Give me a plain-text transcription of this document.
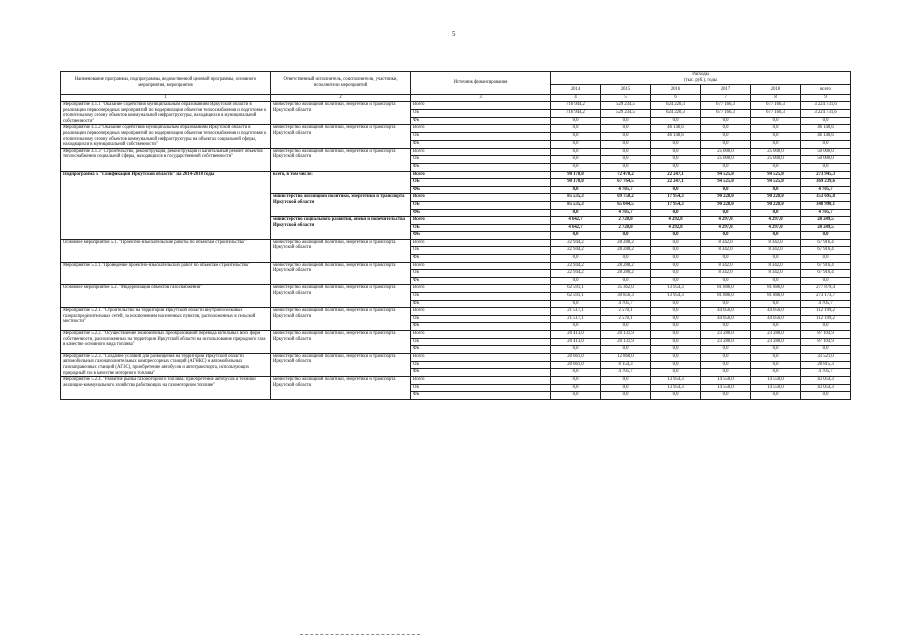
5
Наименование программы, подпрограммы, ведомственной целевой программы, основного мероприятия, мероприятия	Ответственный исполнитель, соисполнители, участники, исполнители мероприятий	Источник финансирования	Расходы
(тыс. руб.), годы					

			2014	2015	2016	2017	2018	всего
1	2	3	4	5	6	7	8	9
Мероприятие 4.1.1 "Оказание содействия муниципальным образованиям Иркутской области в реализации первоочередных мероприятий по модернизации объектов теплоснабжения и подготовке к отопительному сезону объектов коммунальной инфраструктуры, находящихся в муниципальной собственности"	министерство жилищной политики, энергетики и транспорта Иркутской области	Всего	716 944,2	529 234,5	624 220,3	677 166,3	677 166,3	3 224 731,6
		ОБ	716 944,2	529 234,5	624 220,3	677 166,3	677 166,3	3 224 731,6
		ФБ	0,0	0,0	0,0	0,0	0,0	0,0
Мероприятие 4.1.2"Оказание содействия муниципальным образованиям Иркутской области в реализации первоочередных мероприятий по модернизации объектов теплоснабжения и подготовке к отопительному сезону объектов коммунальной инфраструктуры на объектах социальной сферы, находящихся в муниципальной собственности"	министерство жилищной политики, энергетики и транспорта Иркутской области	Всего	0,0	0,0	46 140,6	0,0	0,0	46 140,6
		ОБ	0,0	0,0	46 140,6	0,0	0,0	46 140,6
		ФБ	0,0	0,0	0,0	0,0	0,0	0,0
Мероприятие 4.1.3" Строительство, реконструкция, реконструкция и капитальный ремонт объектов теплоснабжения социальной сферы, находящихся в государственной собственности"	министерство жилищной политики, энергетики и транспорта Иркутской области	Всего	0,0	0,0	0,0	25 000,0	25 000,0	50 000,0
		ОБ	0,0	0,0	0,0	25 000,0	25 000,0	50 000,0
		ФБ	0,0	0,0	0,0	0,0	0,0	0,0
Подпрограмма 5 "Газификация Иркутской области" на 2014-2018 годы	всего, в том числе:	Всего	90 178,0	72 470,2	22 247,1	94 525,0	94 525,0	273 945,3
		ОБ	90 178,0	67 764,5	22 247,1	94 525,0	94 525,0	369 239,6
		ФБ	0,0	4 705,7	0,0	0,0	0,0	4 705,7
	министерство жилищной политики, энергетики и транспорта Иркутской области	Всего	85 535,3	69 750,2	17 954,3	90 228,0	90 228,0	353 695,8
		ОБ	85 535,3	65 044,5	17 954,3	90 228,0	90 228,0	348 990,1
		ФБ	0,0	4 705,7	0,0	0,0	0,0	4 705,7
	министерство социального развития, опеки и попечительства Иркутской области	Всего	4 642,7	2 720,0	4 292,8	4 297,0	4 297,0	20 249,5
		ОБ	4 642,7	2 720,0	4 292,8	4 297,0	4 297,0	20 249,5
		ФБ	0,0	0,0	0,0	0,0	0,0	0,0
Основное мероприятие 5.1. "Проектно-изыскательские работы по объектам строительства"	министерство жилищной политики, энергетики и транспорта Иркутской области	Всего	22 944,2	28 288,2	0,0	8 342,0	8 342,0	67 916,4
		ОБ	22 944,2	28 288,2	0,0	8 342,0	8 342,0	67 916,4
		ФБ	0,0	0,0	0,0	0,0	0,0	0,0
Мероприятие 5.1.1."Проведение проектно-изыскательских работ по объектам строительства"	министерство жилищной политики, энергетики и транспорта Иркутской области	Всего	22 944,2	28 288,2	0,0	8 342,0	8 342,0	67 916,4
		ОБ	22 944,2	28 288,2	0,0	8 342,0	8 342,0	67 916,4
		ФБ	0,0	0,0	0,0	0,0	0,0	0,0
Основное мероприятие 5.2. "Модернизация объектов газоснабжения"	министерство жилищной политики, энергетики и транспорта Иркутской области	Всего	62 591,1	35 362,0	13 954,3	81 886,0	81 886,0	277 879,4
		ОБ	62 591,1	30 856,3	13 954,3	81 886,0	81 886,0	273 173,7
		ФБ	0,0	4 705,7	0,0	0,0	0,0	4 705,7
Мероприятие 5.2.1. "Строительство на территории Иркутской области внутрипоселковых газораспределительных сетей, за исключением населенных пунктов, расположенных в сельской местности"	министерство жилищной политики, энергетики и транспорта Иркутской области	Всего	21 517,1	2 570,1	0,0	44 056,0	44 056,0	112 199,2
		ОБ	21 517,1	2 570,1	0,0	44 056,0	44 056,0	112 199,2
		ФБ	0,0	0,0	0,0	0,0	0,0	0,0
Мероприятие 5.2.2. "Осуществление экономичных преобразований перевода котельных всех форм собственности, расположенных на территории Иркутской области на использование природного газа в качестве основного вида топлива"	министерство жилищной политики, энергетики и транспорта Иркутской области	Всего	20 413,0	20 131,9	0,0	23 280,0	23 280,0	87 104,9
		ОБ	20 413,0	20 131,9	0,0	23 280,0	23 280,0	87 104,9
		ФБ	0,0	0,0	0,0	0,0	0,0	0,0
Мероприятие 5.2.3. "Создание условий для размещения на территории Иркутской области автомобильных газонаполнительных компрессорных станций (АГНКС) и автомобильных газозаправочных станций (АГЗС), приобретение автобусов и автотранспорта, использующих природный газ в качестве моторного топлива"	министерство жилищной политики, энергетики и транспорта Иркутской области	Всего	20 661,0	12 860,0	0,0	0,0	0,0	33 521,0
		ОБ	20 661,0	8 154,3	0,0	0,0	0,0	28 815,3
		ФБ	0,0	4 705,7	0,0	0,0	0,0	4 705,7
Мероприятие 5.2.4. "Развитие рынка газомоторного топлива: приобретение автобусов и техники жилищно-коммунального хозяйства работающих на газомоторном топливе"	министерство жилищной политики, энергетики и транспорта Иркутской области	Всего	0,0	0,0	13 954,3	14 550,0	14 550,0	43 054,3
		ОБ	0,0	0,0	13 954,3	14 550,0	14 550,0	43 054,3
		ФБ	0,0	0,0	0,0	0,0	0,0	0,0
